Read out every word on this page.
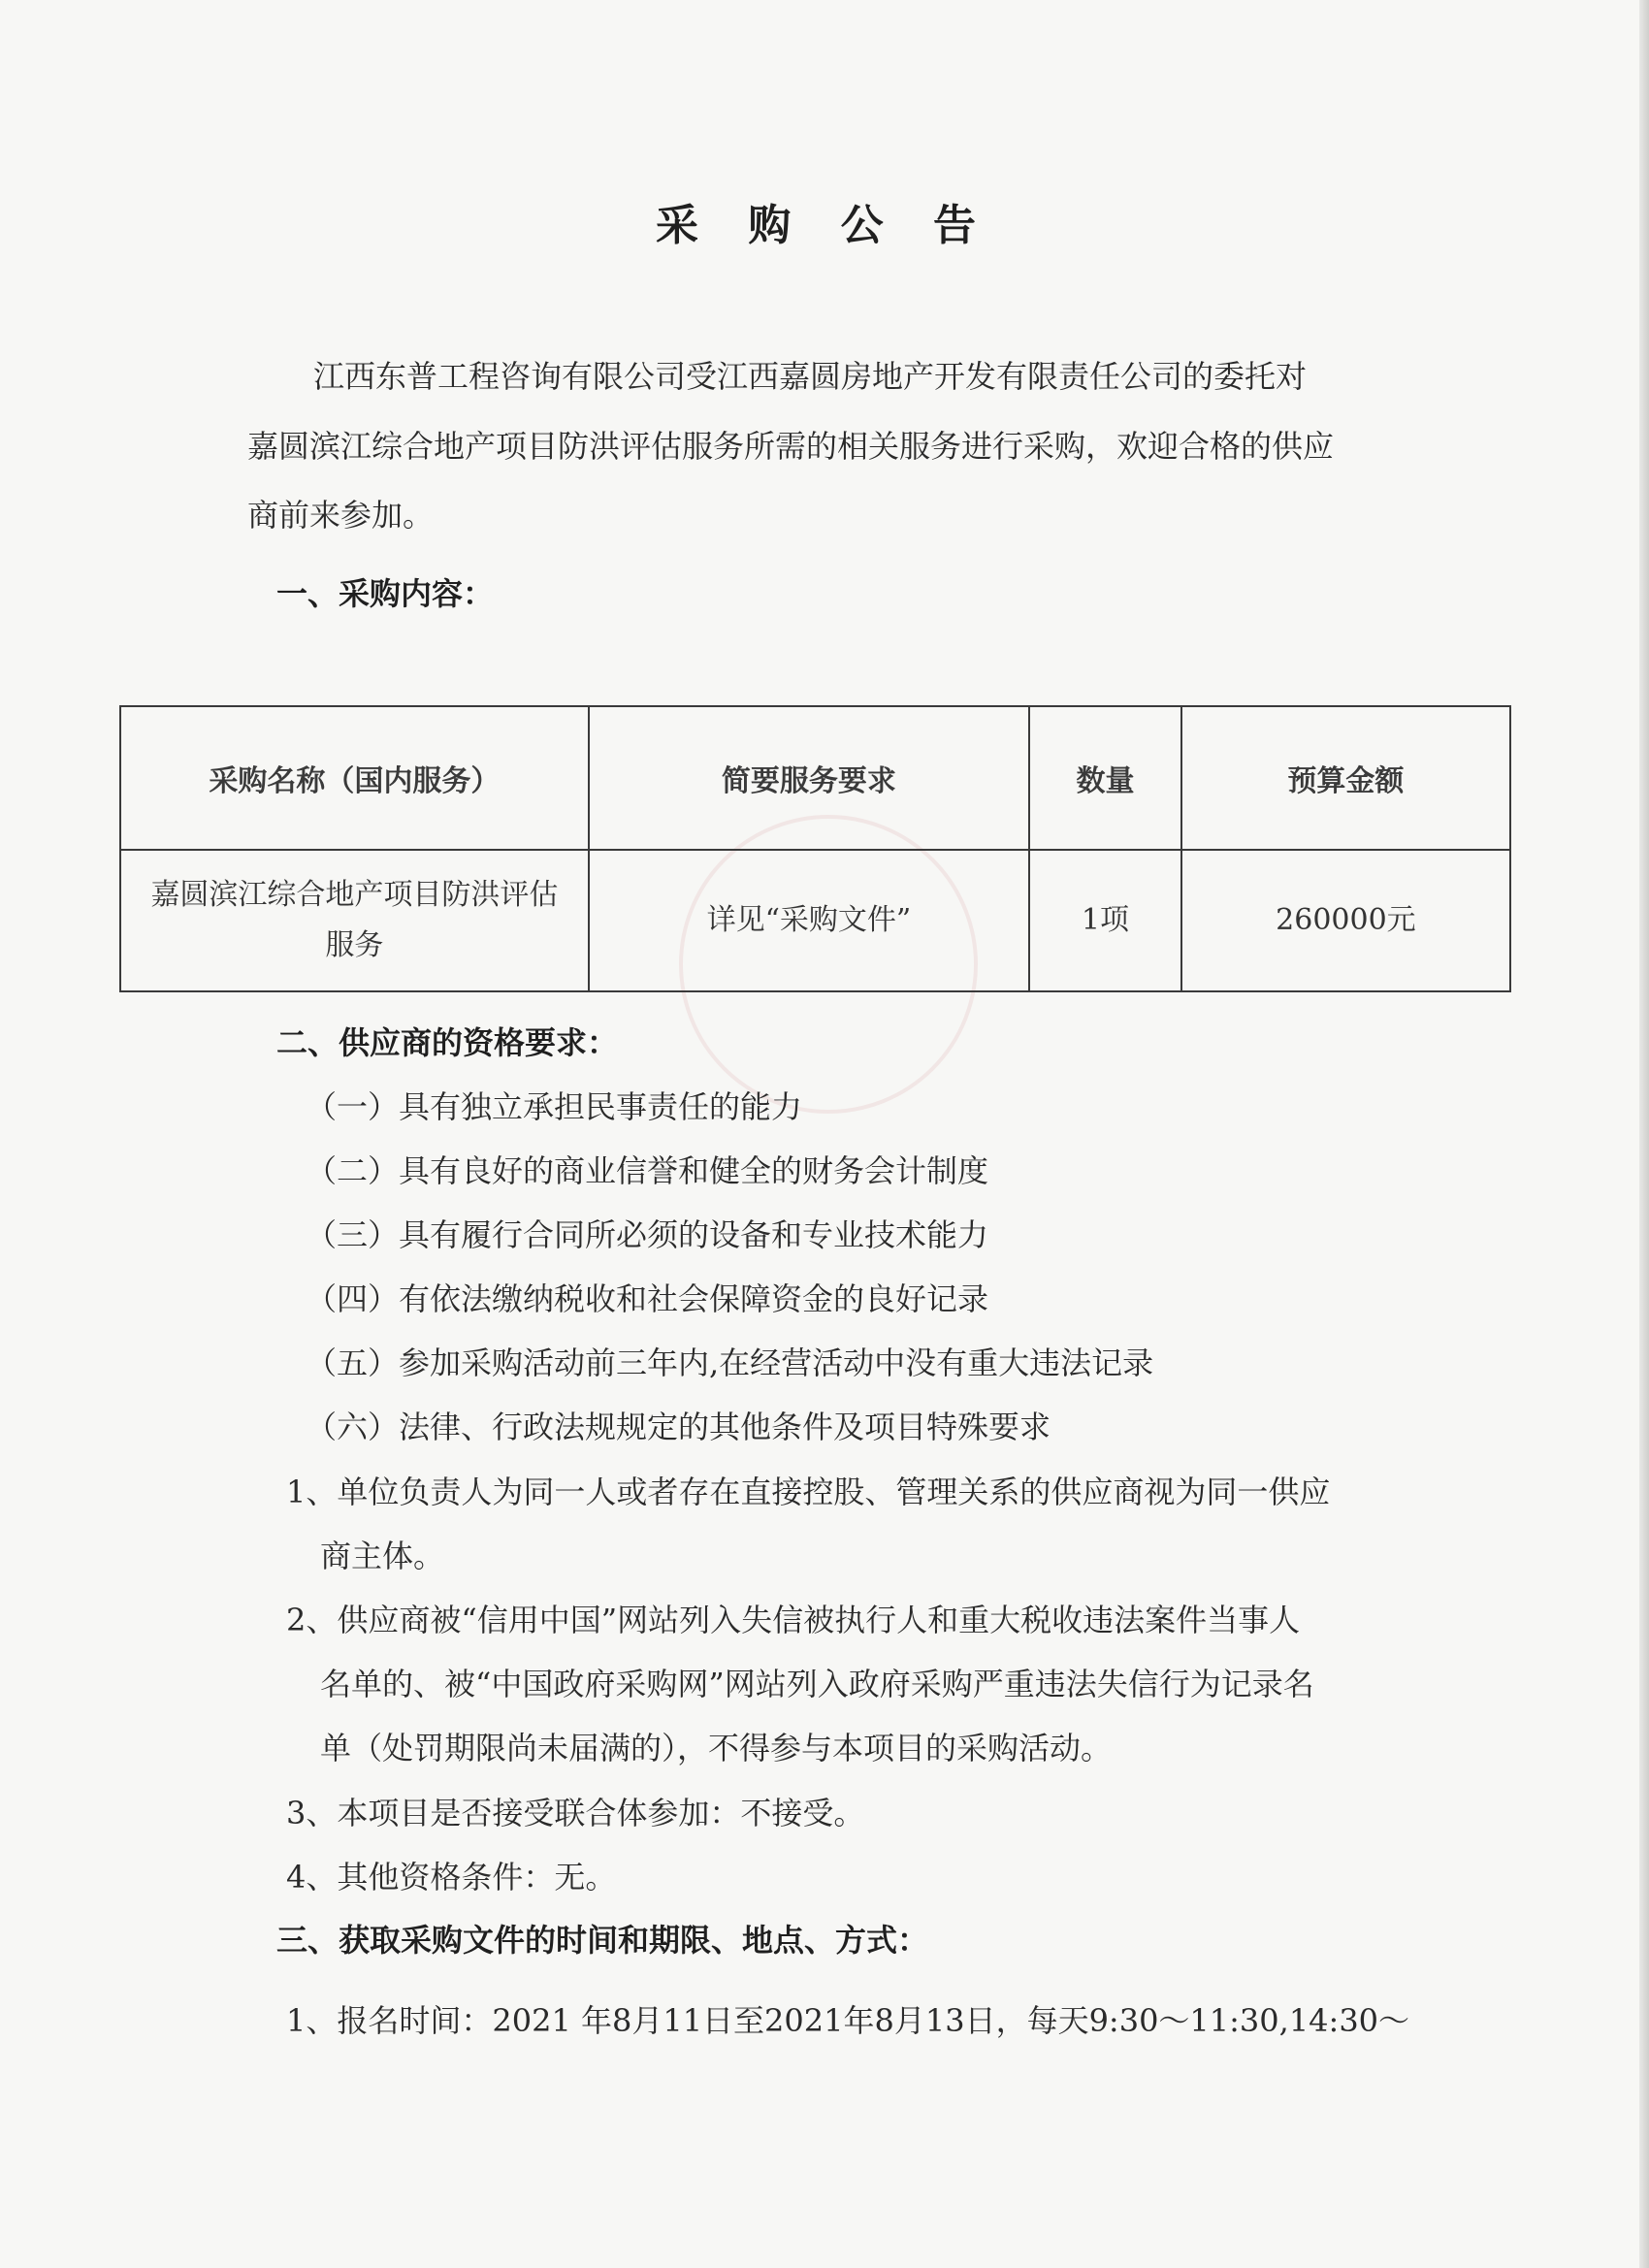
采 购 公 告
江西东普工程咨询有限公司受江西嘉圆房地产开发有限责任公司的委托对
嘉圆滨江综合地产项目防洪评估服务所需的相关服务进行采购，欢迎合格的供应
商前来参加。
一、采购内容：
采购名称（国内服务）	简要服务要求	数量	预算金额

嘉圆滨江综合地产项目防洪评估
服务	详见“采购文件”	1项	260000元
二、供应商的资格要求：
（一）具有独立承担民事责任的能力
（二）具有良好的商业信誉和健全的财务会计制度
（三）具有履行合同所必须的设备和专业技术能力
（四）有依法缴纳税收和社会保障资金的良好记录
（五）参加采购活动前三年内,在经营活动中没有重大违法记录
（六）法律、行政法规规定的其他条件及项目特殊要求
1、单位负责人为同一人或者存在直接控股、管理关系的供应商视为同一供应
商主体。
2、供应商被“信用中国”网站列入失信被执行人和重大税收违法案件当事人
名单的、被“中国政府采购网”网站列入政府采购严重违法失信行为记录名
单（处罚期限尚未届满的），不得参与本项目的采购活动。
3、本项目是否接受联合体参加：不接受。
4、其他资格条件：无。
三、获取采购文件的时间和期限、地点、方式：
1、报名时间：2021 年8月11日至2021年8月13日，每天9:30～11:30,14:30～
